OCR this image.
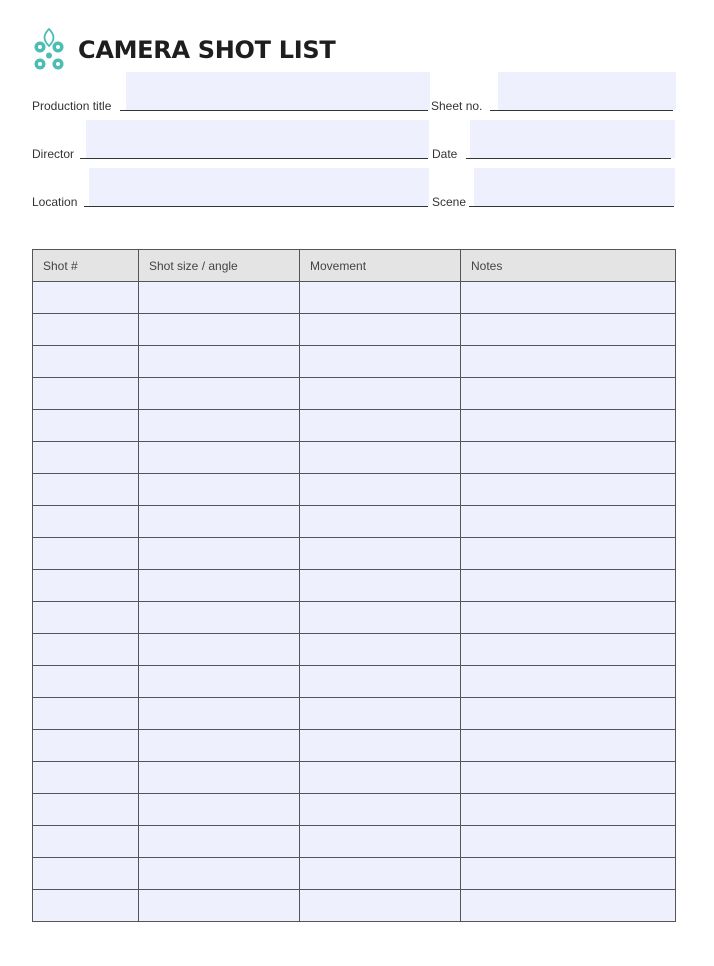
CAMERA SHOT LIST
Production title	Sheet no.
Director	Date
Location	Scene
Shot #	Shot size / angle	Movement	Notes
